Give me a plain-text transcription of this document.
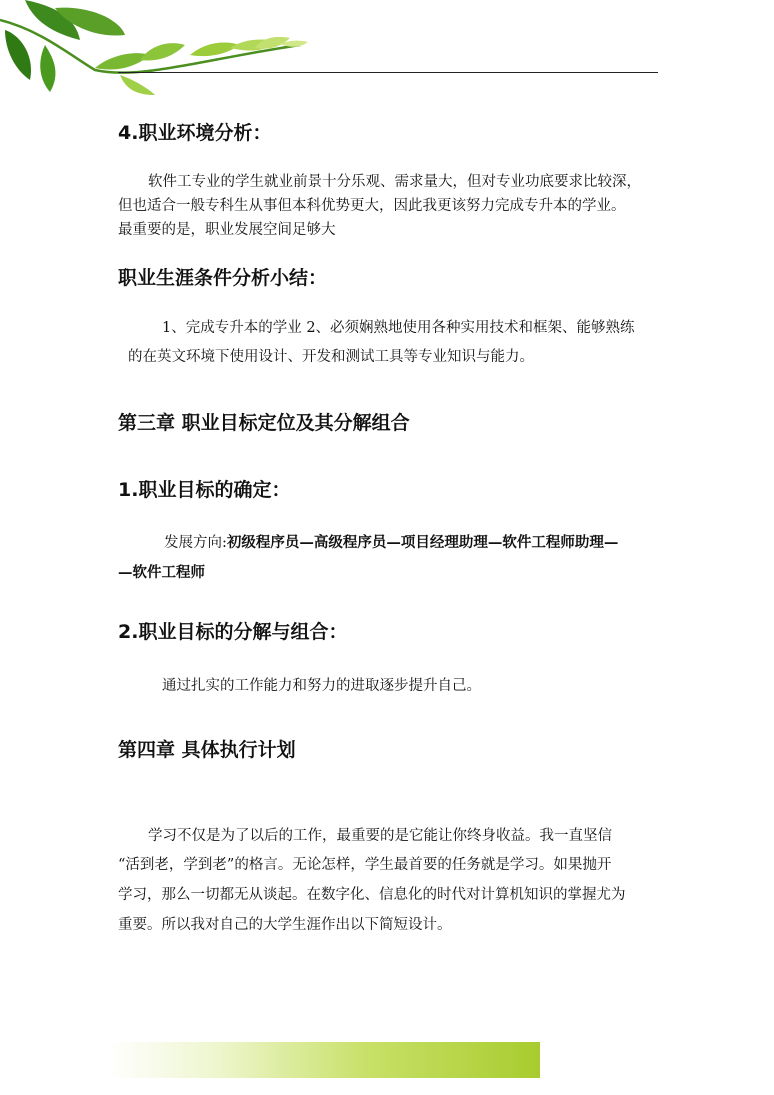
4.职业环境分析：

软件工专业的学生就业前景十分乐观、需求量大，但对专业功底要求比较深，

但也适合一般专科生从事但本科优势更大，因此我更该努力完成专升本的学业。

最重要的是，职业发展空间足够大

职业生涯条件分析小结：

1、完成专升本的学业 2、必须娴熟地使用各种实用技术和框架、能够熟练

的在英文环境下使用设计、开发和测试工具等专业知识与能力。

第三章 职业目标定位及其分解组合
1.职业目标的确定：

发展方向:初级程序员—高级程序员—项目经理助理—软件工程师助理—

—软件工程师

2.职业目标的分解与组合：

通过扎实的工作能力和努力的进取逐步提升自己。

第四章 具体执行计划

学习不仅是为了以后的工作，最重要的是它能让你终身收益。我一直坚信

“活到老，学到老”的格言。无论怎样，学生最首要的任务就是学习。如果抛开

学习，那么一切都无从谈起。在数字化、信息化的时代对计算机知识的掌握尤为

重要。所以我对自己的大学生涯作出以下简短设计。
